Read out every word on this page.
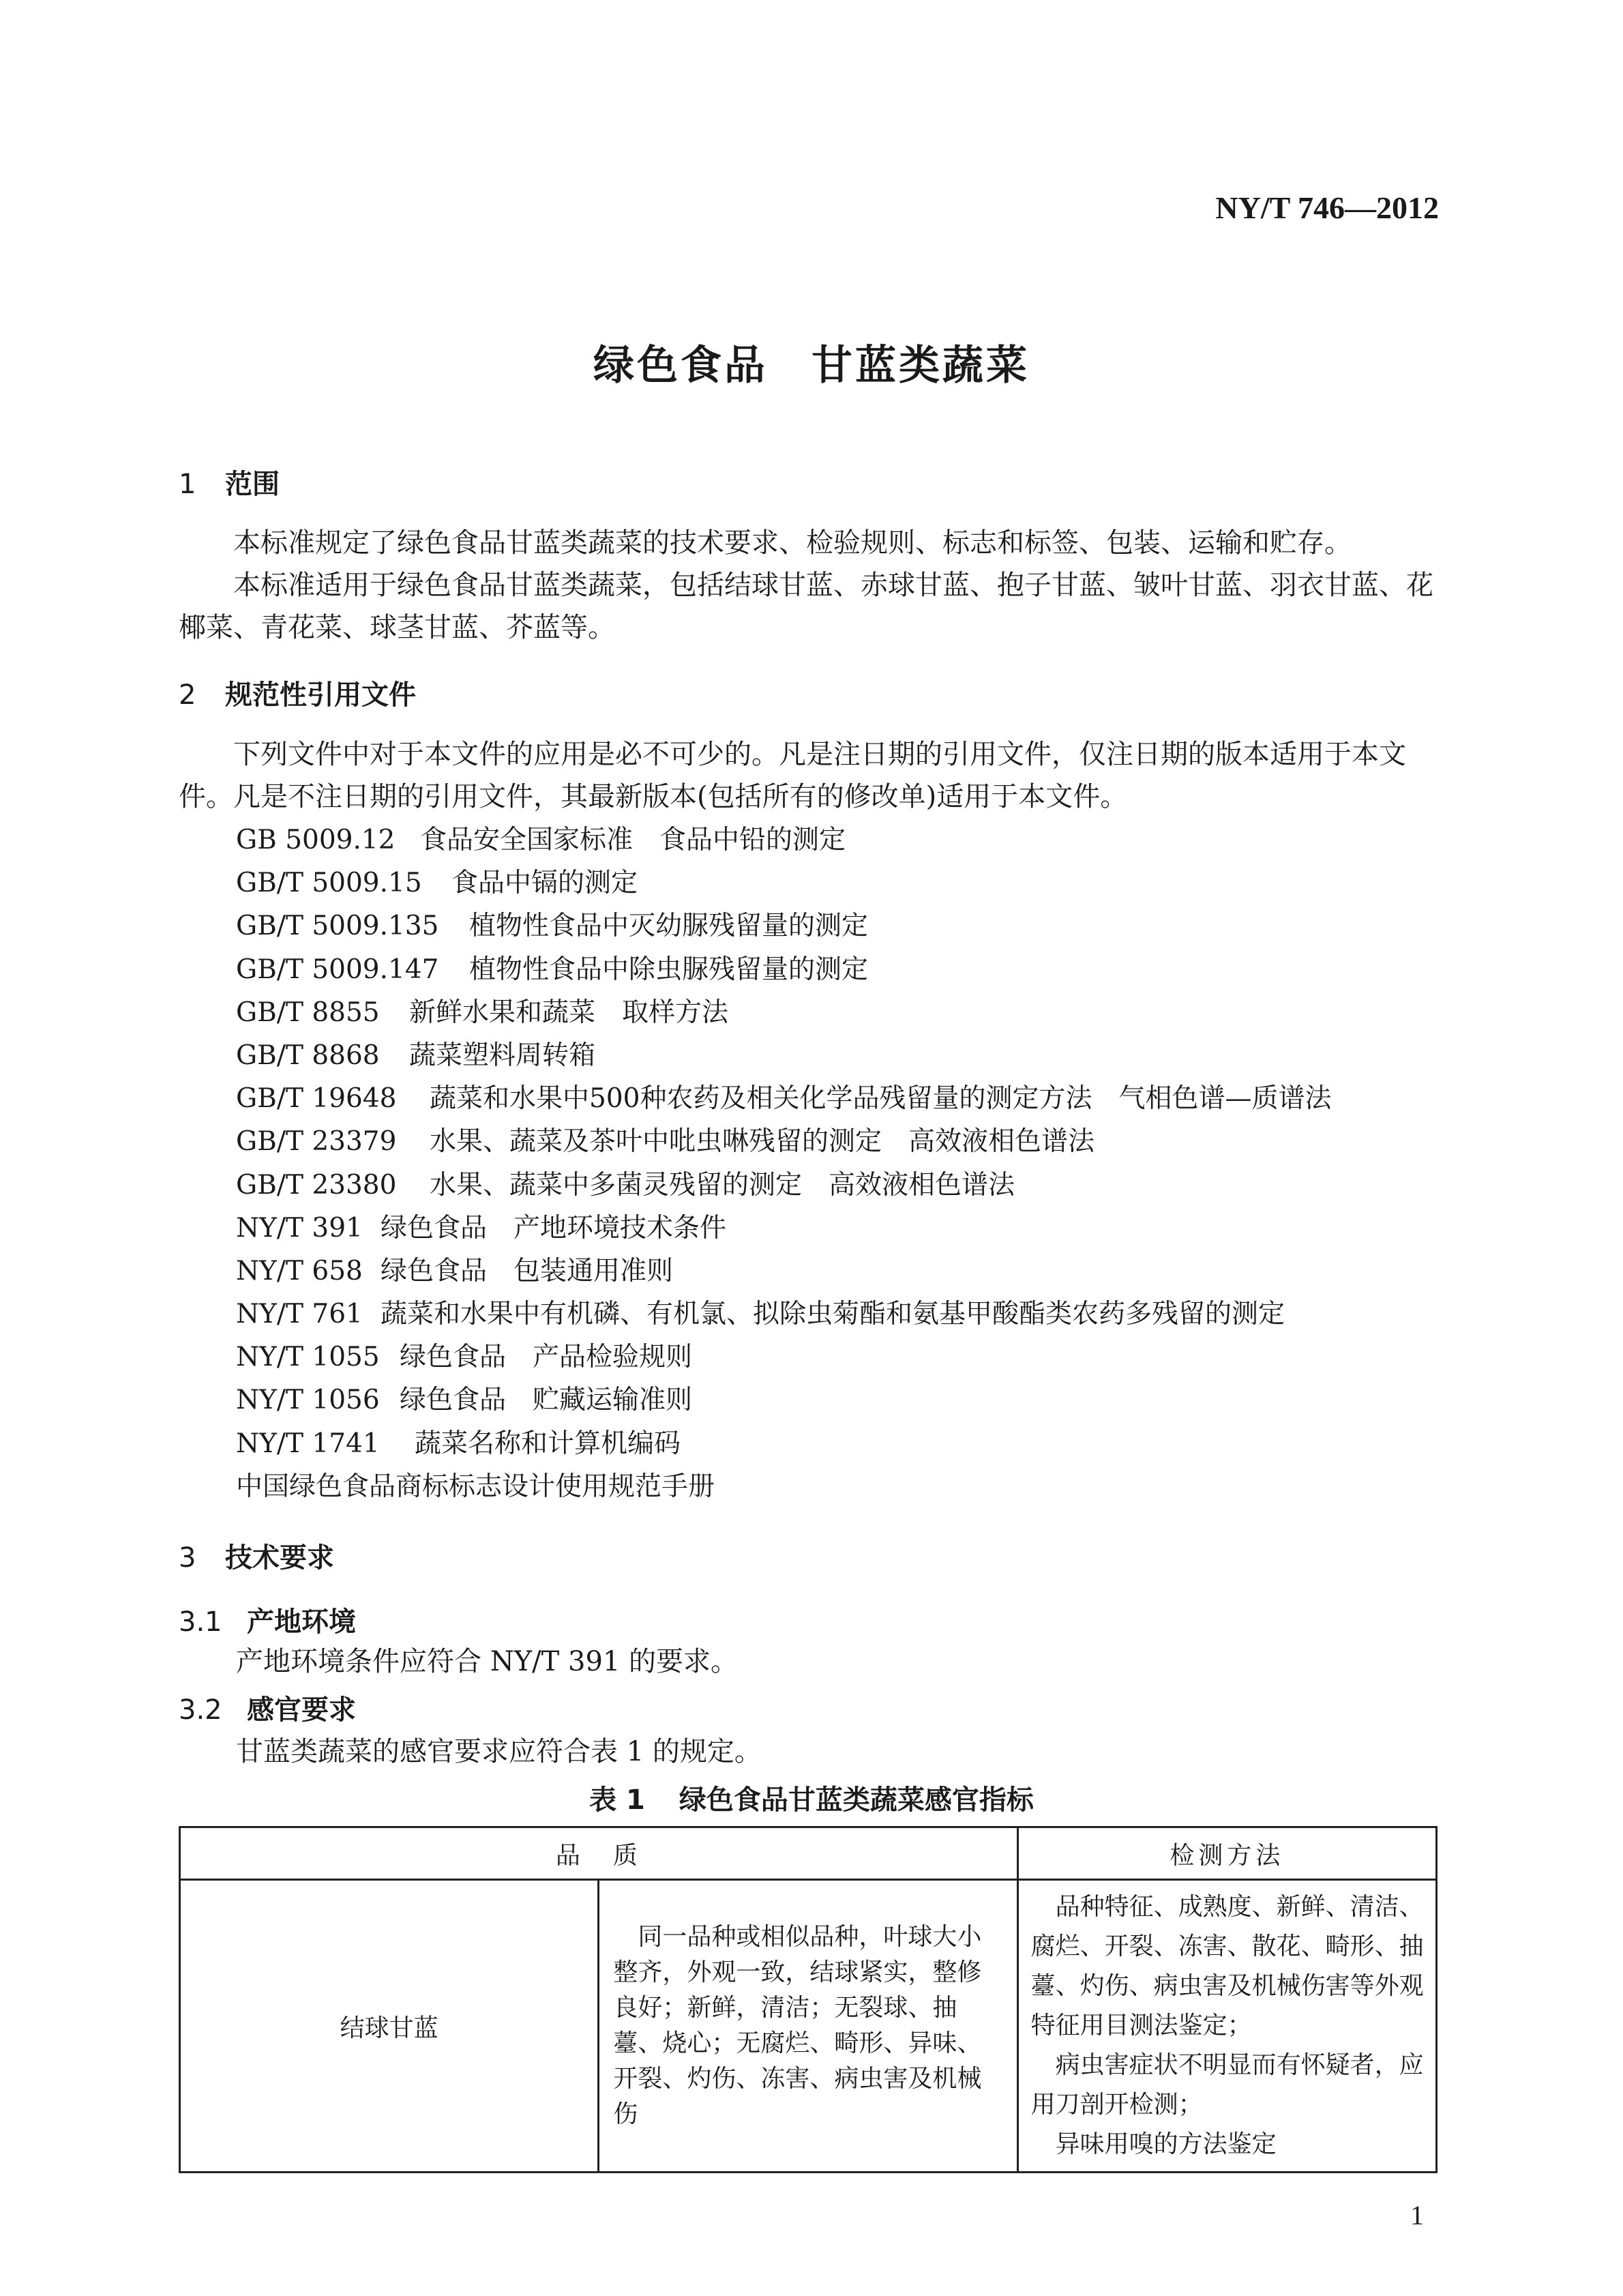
NY/T 746—2012
绿色食品　甘蓝类蔬菜
1 范围
本标准规定了绿色食品甘蓝类蔬菜的技术要求、检验规则、标志和标签、包装、运输和贮存。
本标准适用于绿色食品甘蓝类蔬菜，包括结球甘蓝、赤球甘蓝、抱子甘蓝、皱叶甘蓝、羽衣甘蓝、花椰菜、青花菜、球茎甘蓝、芥蓝等。
2 规范性引用文件
下列文件中对于本文件的应用是必不可少的。凡是注日期的引用文件，仅注日期的版本适用于本文件。凡是不注日期的引用文件，其最新版本(包括所有的修改单)适用于本文件。
GB 5009.12 食品安全国家标准　食品中铅的测定
GB/T 5009.15 食品中镉的测定
GB/T 5009.135 植物性食品中灭幼脲残留量的测定
GB/T 5009.147 植物性食品中除虫脲残留量的测定
GB/T 8855 新鲜水果和蔬菜　取样方法
GB/T 8868 蔬菜塑料周转箱
GB/T 19648 蔬菜和水果中500种农药及相关化学品残留量的测定方法　气相色谱—质谱法
GB/T 23379 水果、蔬菜及茶叶中吡虫啉残留的测定　高效液相色谱法
GB/T 23380 水果、蔬菜中多菌灵残留的测定　高效液相色谱法
NY/T 391 绿色食品　产地环境技术条件
NY/T 658 绿色食品　包装通用准则
NY/T 761 蔬菜和水果中有机磷、有机氯、拟除虫菊酯和氨基甲酸酯类农药多残留的测定
NY/T 1055 绿色食品　产品检验规则
NY/T 1056 绿色食品　贮藏运输准则
NY/T 1741 蔬菜名称和计算机编码
中国绿色食品商标标志设计使用规范手册
3 技术要求
3.1 产地环境
产地环境条件应符合 NY/T 391 的要求。
3.2 感官要求
甘蓝类蔬菜的感官要求应符合表 1 的规定。
表 1 绿色食品甘蓝类蔬菜感官指标
品　质		检测方法
结球甘蓝	同一品种或相似品种，叶球大小整齐，外观一致，结球紧实，整修良好；新鲜，清洁；无裂球、抽薹、烧心；无腐烂、畸形、异味、开裂、灼伤、冻害、病虫害及机械伤	品种特征、成熟度、新鲜、清洁、腐烂、开裂、冻害、散花、畸形、抽薹、灼伤、病虫害及机械伤害等外观特征用目测法鉴定；

病虫害症状不明显而有怀疑者，应用刀剖开检测；

异味用嗅的方法鉴定

1
